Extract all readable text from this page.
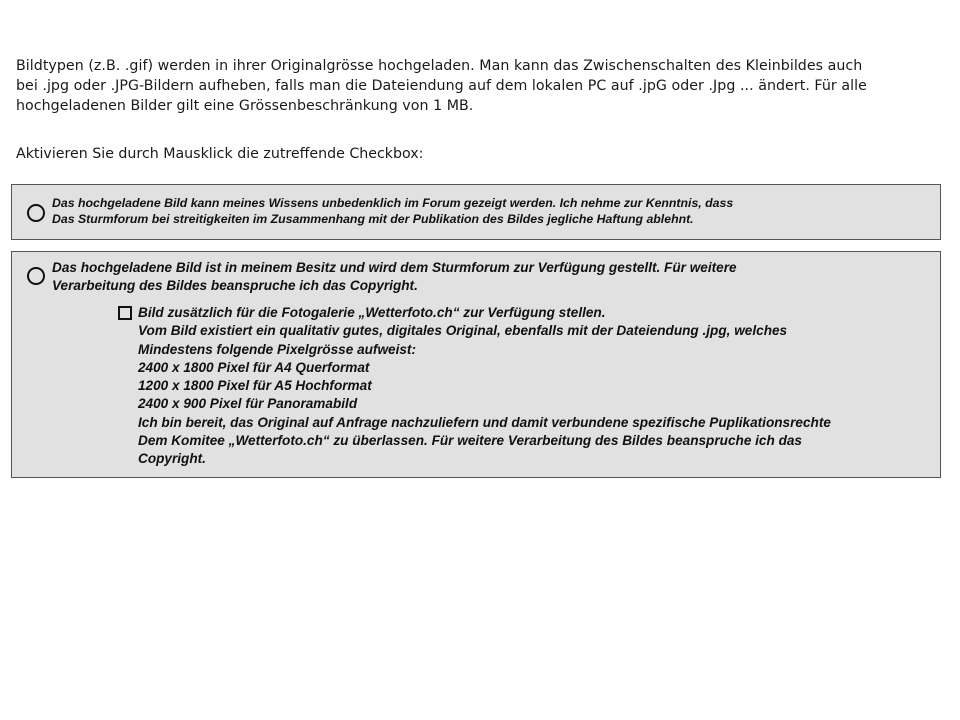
Bildtypen (z.B. .gif) werden in ihrer Originalgrösse hochgeladen. Man kann das Zwischenschalten des Kleinbildes auch
bei .jpg oder .JPG-Bildern aufheben, falls man die Dateiendung auf dem lokalen PC auf .jpG oder .Jpg ... ändert. Für alle
hochgeladenen Bilder gilt eine Grössenbeschränkung von 1 MB.
Aktivieren Sie durch Mausklick die zutreffende Checkbox:
Das hochgeladene Bild kann meines Wissens unbedenklich im Forum gezeigt werden. Ich nehme zur Kenntnis, dass
Das Sturmforum bei streitigkeiten im Zusammenhang mit der Publikation des Bildes jegliche Haftung ablehnt.
Das hochgeladene Bild ist in meinem Besitz und wird dem Sturmforum zur Verfügung gestellt. Für weitere
Verarbeitung des Bildes beanspruche ich das Copyright.
Bild zusätzlich für die Fotogalerie „Wetterfoto.ch“ zur Verfügung stellen.
Vom Bild existiert ein qualitativ gutes, digitales Original, ebenfalls mit der Dateiendung .jpg, welches
Mindestens folgende Pixelgrösse aufweist:
2400 x 1800 Pixel für A4 Querformat
1200 x 1800 Pixel für A5 Hochformat
2400 x 900 Pixel für Panoramabild
Ich bin bereit, das Original auf Anfrage nachzuliefern und damit verbundene spezifische Puplikationsrechte
Dem Komitee „Wetterfoto.ch“ zu überlassen. Für weitere Verarbeitung des Bildes beanspruche ich das
Copyright.
